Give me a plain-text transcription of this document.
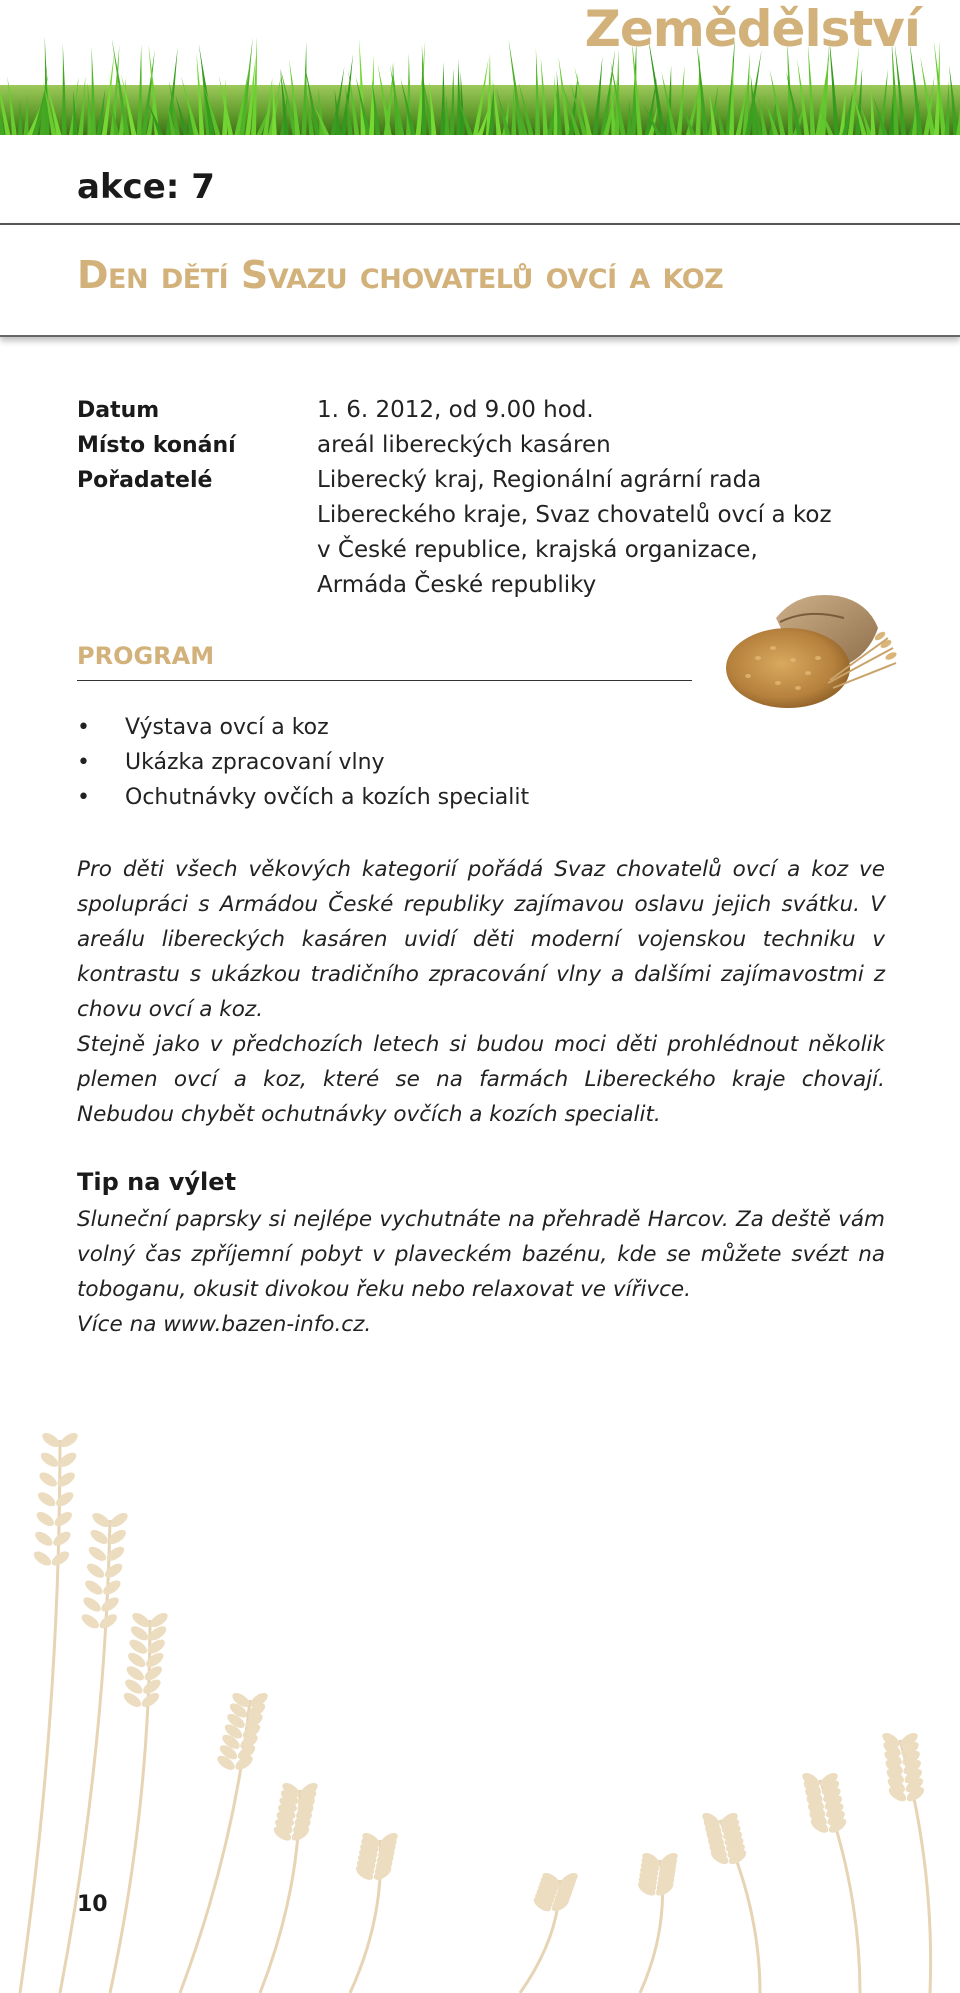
Zemědělství
akce: 7
Den dětí Svazu chovatelů ovcí a koz
Datum	1. 6. 2012, od 9.00 hod.
Místo konání	areál libereckých kasáren
Pořadatelé	Liberecký kraj, Regionální agrární rada
Libereckého kraje, Svaz chovatelů ovcí a koz
v České republice, krajská organizace,
Armáda České republiky
PROGRAM
•	Výstava ovcí a koz
•	Ukázka zpracovaní vlny
•	Ochutnávky ovčích a kozích specialit

Pro děti všech věkových kategorií pořádá Svaz chovatelů ovcí a koz ve spolupráci s Armádou České republiky zajímavou oslavu jejich svátku. V areálu libereckých kasáren uvidí děti moderní vojenskou techniku v kontrastu s ukázkou tradičního zpracování vlny a dalšími zajímavostmi z chovu ovcí a koz.

Stejně jako v předchozích letech si budou moci děti prohlédnout několik plemen ovcí a koz, které se na farmách Libereckého kraje chovají. Nebudou chybět ochutnávky ovčích a kozích specialit.

Tip na výlet

Sluneční paprsky si nejlépe vychutnáte na přehradě Harcov. Za deště vám volný čas zpříjemní pobyt v plaveckém bazénu, kde se můžete svézt na toboganu, okusit divokou řeku nebo relaxovat ve vířivce.

Více na www.bazen-info.cz.

10
